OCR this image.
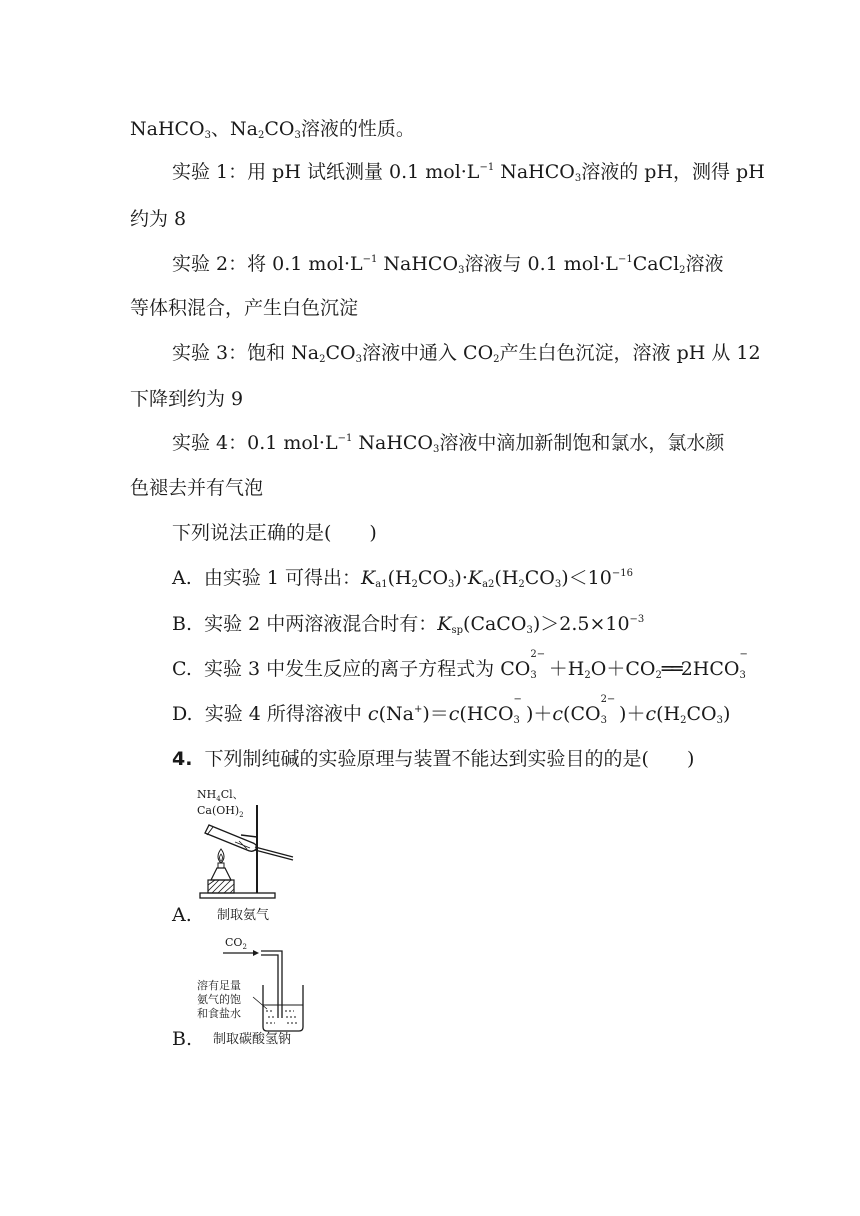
NaHCO$_3$、$Na_2CO_3$溶液的性质。
实验 1：用 pH 试纸测量 0.1 $mol\cdot L^{-1}$ NaHCO$_3$溶液的 pH，测得 pH
约为 8
实验 2：将 0.1 $mol\cdot L^{-1}$ NaHCO$_3$溶液与 0.1 $mol\cdot L^{-1}CaCl_2$溶液
等体积混合，产生白色沉淀
实验 3：饱和 $Na_2CO_3$溶液中通入 $CO_2$产生白色沉淀，溶液 pH 从 12
下降到约为 9
实验 4：0.1 $mol\cdot L^{-1}$ NaHCO$_3$溶液中滴加新制饱和氯水，氯水颜
色褪去并有气泡
下列说法正确的是(　　)
A. 由实验 1 可得出：$K_{a1}(H_2CO_3)\cdot K_{a2}(H_2CO_3)<10^{-16}$
B. 实验 2 中两溶液混合时有：$K_{sp}(CaCO_3)>2.5\times 10^{-3}$
C. 实验 3 中发生反应的离子方程式为 CO
$_{2- 3} +H_2O+CO_2══2HCO$
$_{- 3}$
D. 实验 4 所得溶液中 c(Na+)＝c(HCO
$_{- 3}$ )＋c(CO
$_{2- 3}$ )$+c(H_2CO_3)$
4. 下列制纯碱的实验原理与装置不能达到实验目的的是(　　)
A.
$NH_4Cl$、
$Ca(OH)_2$
制取氨气
B.
$CO_2$
溶有足量
氨气的饱
和食盐水
制取碳酸氢钠
